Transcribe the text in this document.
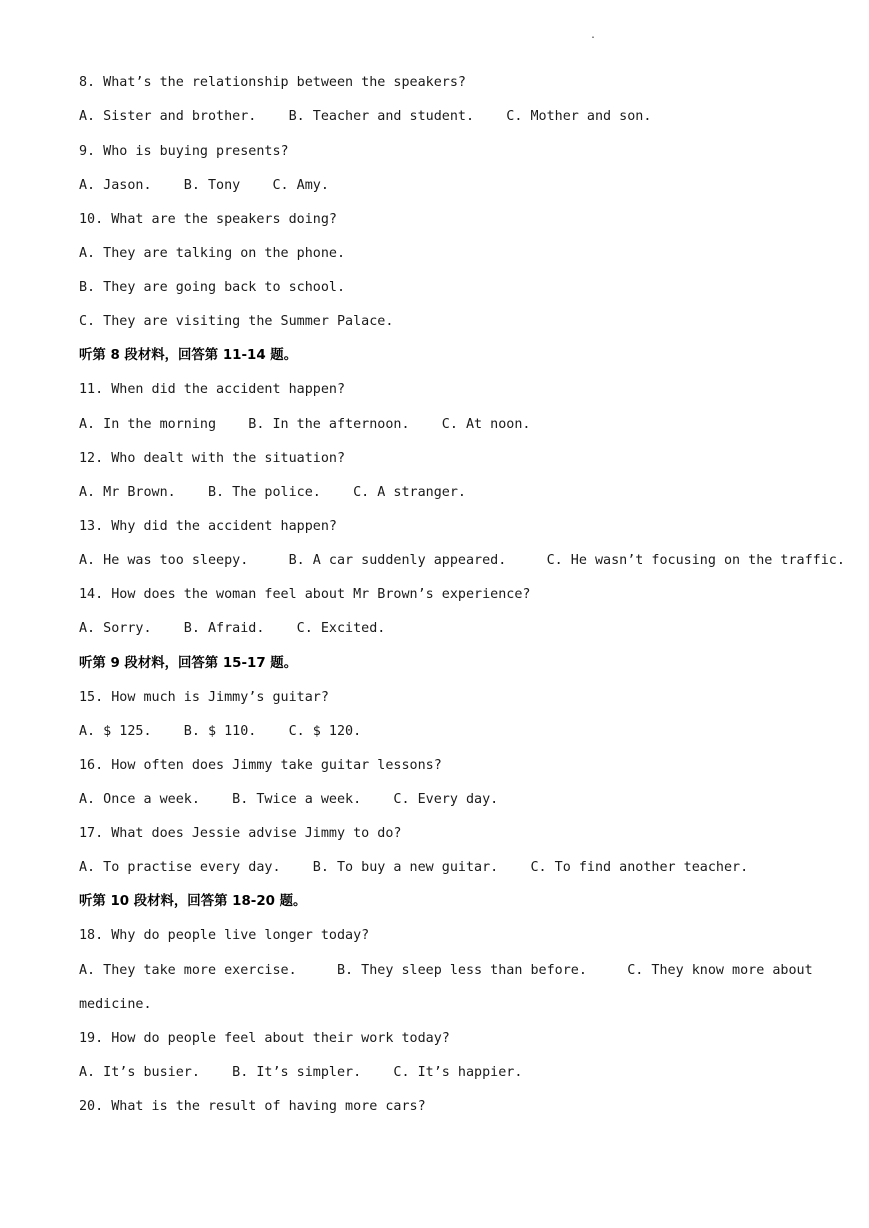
.
8. What’s the relationship between the speakers?
A. Sister and brother.    B. Teacher and student.    C. Mother and son.
9. Who is buying presents?
A. Jason.    B. Tony    C. Amy.
10. What are the speakers doing?
A. They are talking on the phone.
B. They are going back to school.
C. They are visiting the Summer Palace.
听第 8 段材料，回答第 11-14 题。
11. When did the accident happen?
A. In the morning    B. In the afternoon.    C. At noon.
12. Who dealt with the situation?
A. Mr Brown.    B. The police.    C. A stranger.
13. Why did the accident happen?
A. He was too sleepy.     B. A car suddenly appeared.     C. He wasn’t focusing on the traffic.
14. How does the woman feel about Mr Brown’s experience?
A. Sorry.    B. Afraid.    C. Excited.
听第 9 段材料，回答第 15-17 题。
15. How much is Jimmy’s guitar?
A. $ 125.    B. $ 110.    C. $ 120.
16. How often does Jimmy take guitar lessons?
A. Once a week.    B. Twice a week.    C. Every day.
17. What does Jessie advise Jimmy to do?
A. To practise every day.    B. To buy a new guitar.    C. To find another teacher.
听第 10 段材料，回答第 18-20 题。
18. Why do people live longer today?
A. They take more exercise.     B. They sleep less than before.     C. They know more about
medicine.
19. How do people feel about their work today?
A. It’s busier.    B. It’s simpler.    C. It’s happier.
20. What is the result of having more cars?
